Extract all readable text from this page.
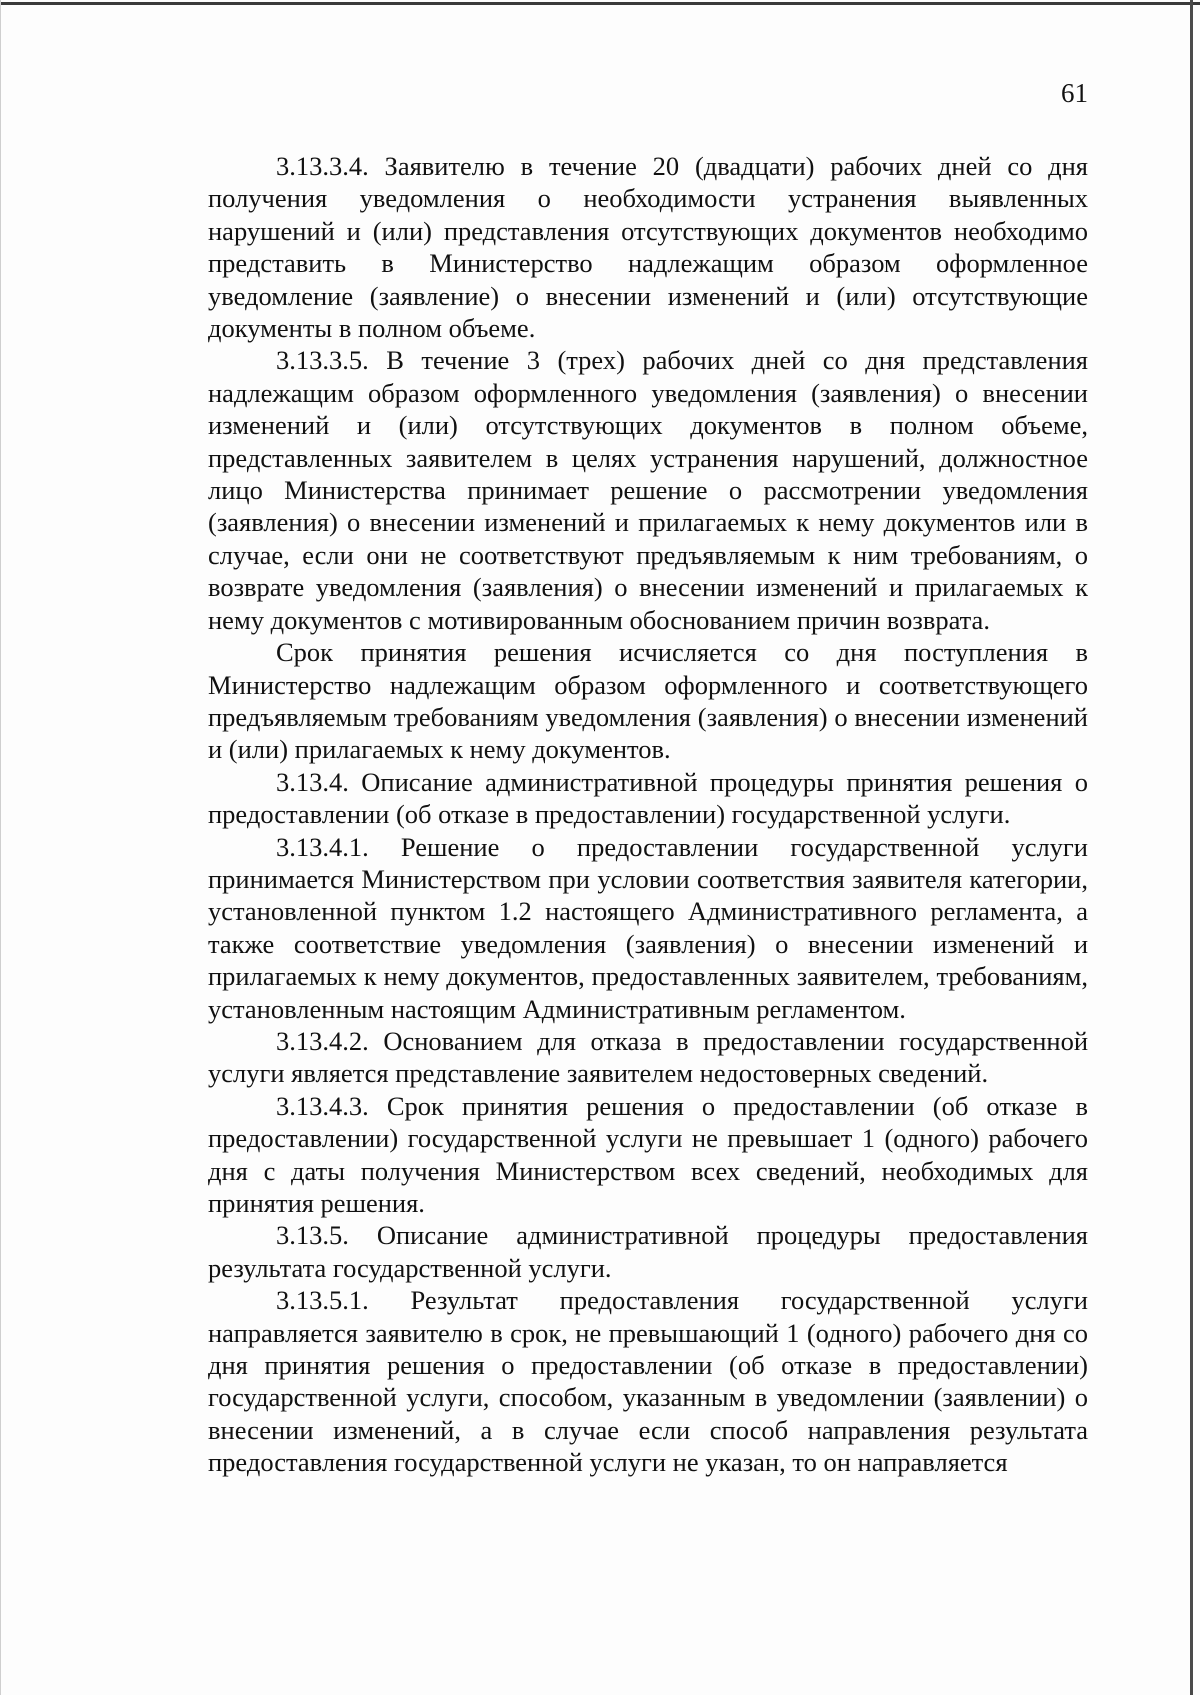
61

3.13.3.4. Заявителю в течение 20 (двадцати) рабочих дней со дня получения уведомления о необходимости устранения выявленных нарушений и (или) представления отсутствующих документов необходимо представить в Министерство надлежащим образом оформленное уведомление (заявление) о внесении изменений и (или) отсутствующие документы в полном объеме.

3.13.3.5. В течение 3 (трех) рабочих дней со дня представления надлежащим образом оформленного уведомления (заявления) о внесении изменений и (или) отсутствующих документов в полном объеме, представленных заявителем в целях устранения нарушений, должностное лицо Министерства принимает решение о рассмотрении уведомления (заявления) о внесении изменений и прилагаемых к нему документов или в случае, если они не соответствуют предъявляемым к ним требованиям, о возврате уведомления (заявления) о внесении изменений и прилагаемых к нему документов с мотивированным обоснованием причин возврата.

Срок принятия решения исчисляется со дня поступления в Министерство надлежащим образом оформленного и соответствующего предъявляемым требованиям уведомления (заявления) о внесении изменений и (или) прилагаемых к нему документов.

3.13.4. Описание административной процедуры принятия решения о предоставлении (об отказе в предоставлении) государственной услуги.

3.13.4.1. Решение о предоставлении государственной услуги принимается Министерством при условии соответствия заявителя категории, установленной пунктом 1.2 настоящего Административного регламента, а также соответствие уведомления (заявления) о внесении изменений и прилагаемых к нему документов, предоставленных заявителем, требованиям, установленным настоящим Административным регламентом.

3.13.4.2. Основанием для отказа в предоставлении государственной услуги является представление заявителем недостоверных сведений.

3.13.4.3. Срок принятия решения о предоставлении (об отказе в предоставлении) государственной услуги не превышает 1 (одного) рабочего дня с даты получения Министерством всех сведений, необходимых для принятия решения.

3.13.5. Описание административной процедуры предоставления результата государственной услуги.

3.13.5.1. Результат предоставления государственной услуги направляется заявителю в срок, не превышающий 1 (одного) рабочего дня со дня принятия решения о предоставлении (об отказе в предоставлении) государственной услуги, способом, указанным в уведомлении (заявлении) о внесении изменений, а в случае если способ направления результата предоставления государственной услуги не указан, то он направляется
